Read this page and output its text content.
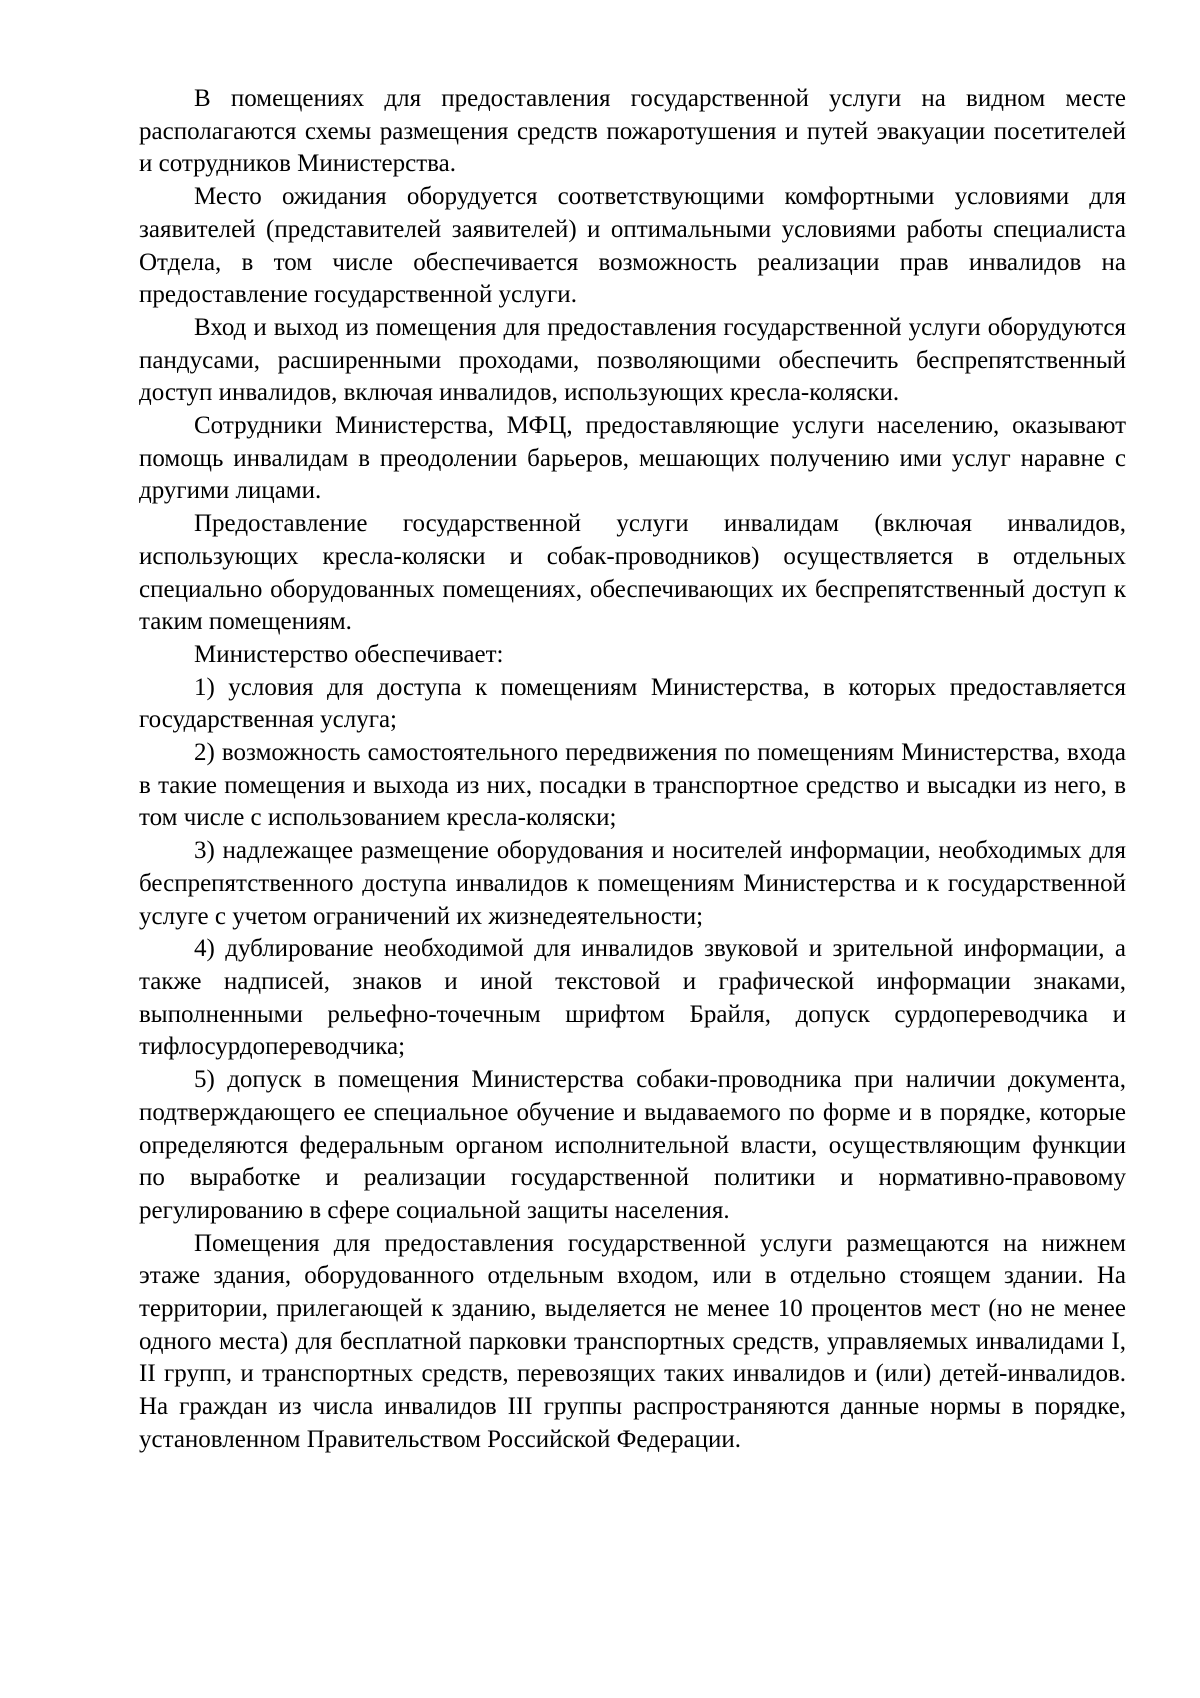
В помещениях для предоставления государственной услуги на видном месте располагаются схемы размещения средств пожаротушения и путей эвакуации посетителей и сотрудников Министерства.

Место ожидания оборудуется соответствующими комфортными условиями для заявителей (представителей заявителей) и оптимальными условиями работы специалиста Отдела, в том числе обеспечивается возможность реализации прав инвалидов на предоставление государственной услуги.

Вход и выход из помещения для предоставления государственной услуги оборудуются пандусами, расширенными проходами, позволяющими обеспечить беспрепятственный доступ инвалидов, включая инвалидов, использующих кресла-коляски.

Сотрудники Министерства, МФЦ, предоставляющие услуги населению, оказывают помощь инвалидам в преодолении барьеров, мешающих получению ими услуг наравне с другими лицами.

Предоставление государственной услуги инвалидам (включая инвалидов, использующих кресла-коляски и собак-проводников) осуществляется в отдельных специально оборудованных помещениях, обеспечивающих их беспрепятственный доступ к таким помещениям.

Министерство обеспечивает:

1) условия для доступа к помещениям Министерства, в которых предоставляется государственная услуга;

2) возможность самостоятельного передвижения по помещениям Министерства, входа в такие помещения и выхода из них, посадки в транспортное средство и высадки из него, в том числе с использованием кресла-коляски;

3) надлежащее размещение оборудования и носителей информации, необходимых для беспрепятственного доступа инвалидов к помещениям Министерства и к государственной услуге с учетом ограничений их жизнедеятельности;

4) дублирование необходимой для инвалидов звуковой и зрительной информации, а также надписей, знаков и иной текстовой и графической информации знаками, выполненными рельефно-точечным шрифтом Брайля, допуск сурдопереводчика и тифлосурдопереводчика;

5) допуск в помещения Министерства собаки-проводника при наличии документа, подтверждающего ее специальное обучение и выдаваемого по форме и в порядке, которые определяются федеральным органом исполнительной власти, осуществляющим функции по выработке и реализации государственной политики и нормативно-правовому регулированию в сфере социальной защиты населения.

Помещения для предоставления государственной услуги размещаются на нижнем этаже здания, оборудованного отдельным входом, или в отдельно стоящем здании. На территории, прилегающей к зданию, выделяется не менее 10 процентов мест (но не менее одного места) для бесплатной парковки транспортных средств, управляемых инвалидами I, II групп, и транспортных средств, перевозящих таких инвалидов и (или) детей-инвалидов. На граждан из числа инвалидов III группы распространяются данные нормы в порядке, установленном Правительством Российской Федерации.
